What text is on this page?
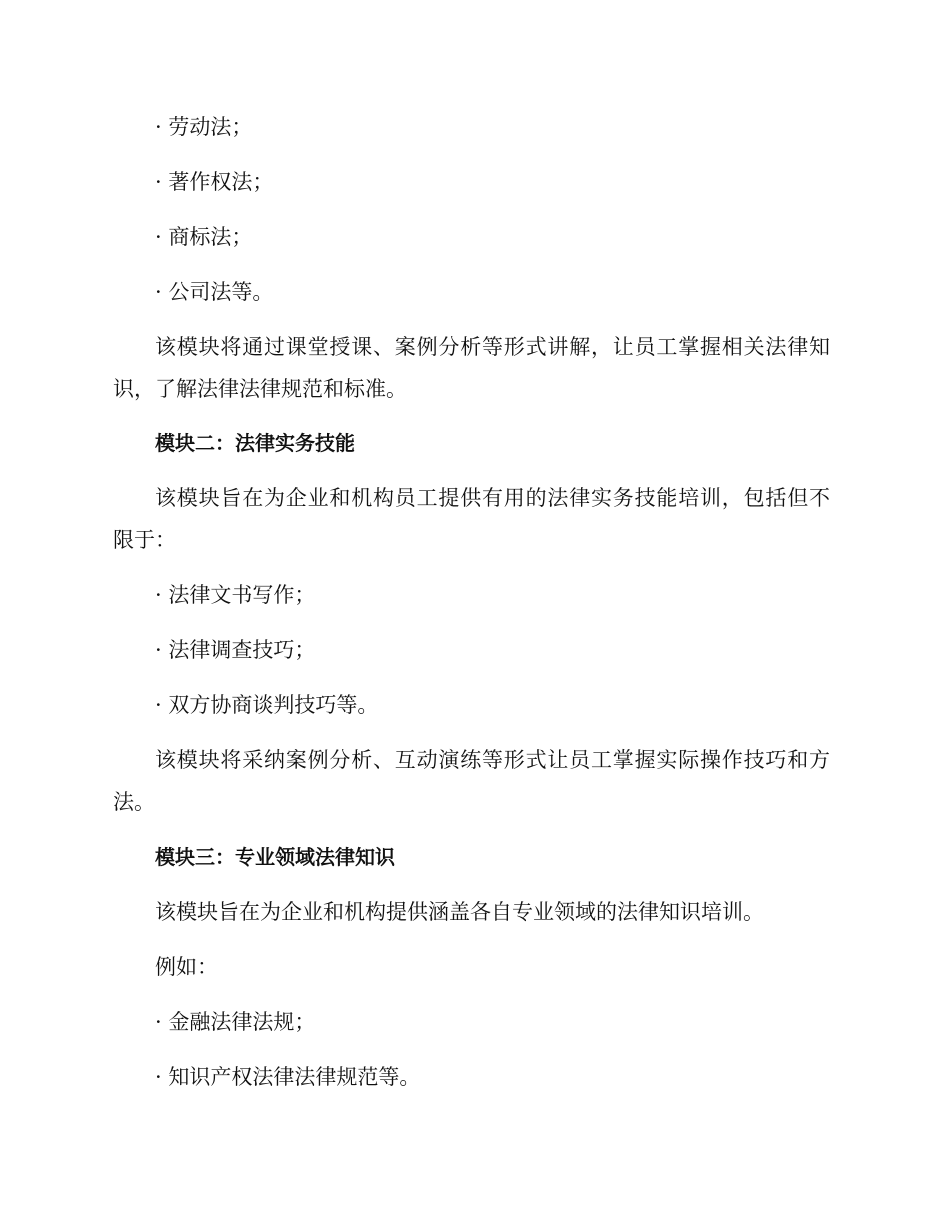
· 劳动法；
· 著作权法；
· 商标法；
· 公司法等。
该模块将通过课堂授课、案例分析等形式讲解，让员工掌握相关法律知
识，了解法律法律规范和标准。
模块二：法律实务技能
该模块旨在为企业和机构员工提供有用的法律实务技能培训，包括但不
限于：
· 法律文书写作；
· 法律调查技巧；
· 双方协商谈判技巧等。
该模块将采纳案例分析、互动演练等形式让员工掌握实际操作技巧和方
法。
模块三：专业领域法律知识
该模块旨在为企业和机构提供涵盖各自专业领域的法律知识培训。
例如：
· 金融法律法规；
· 知识产权法律法律规范等。
